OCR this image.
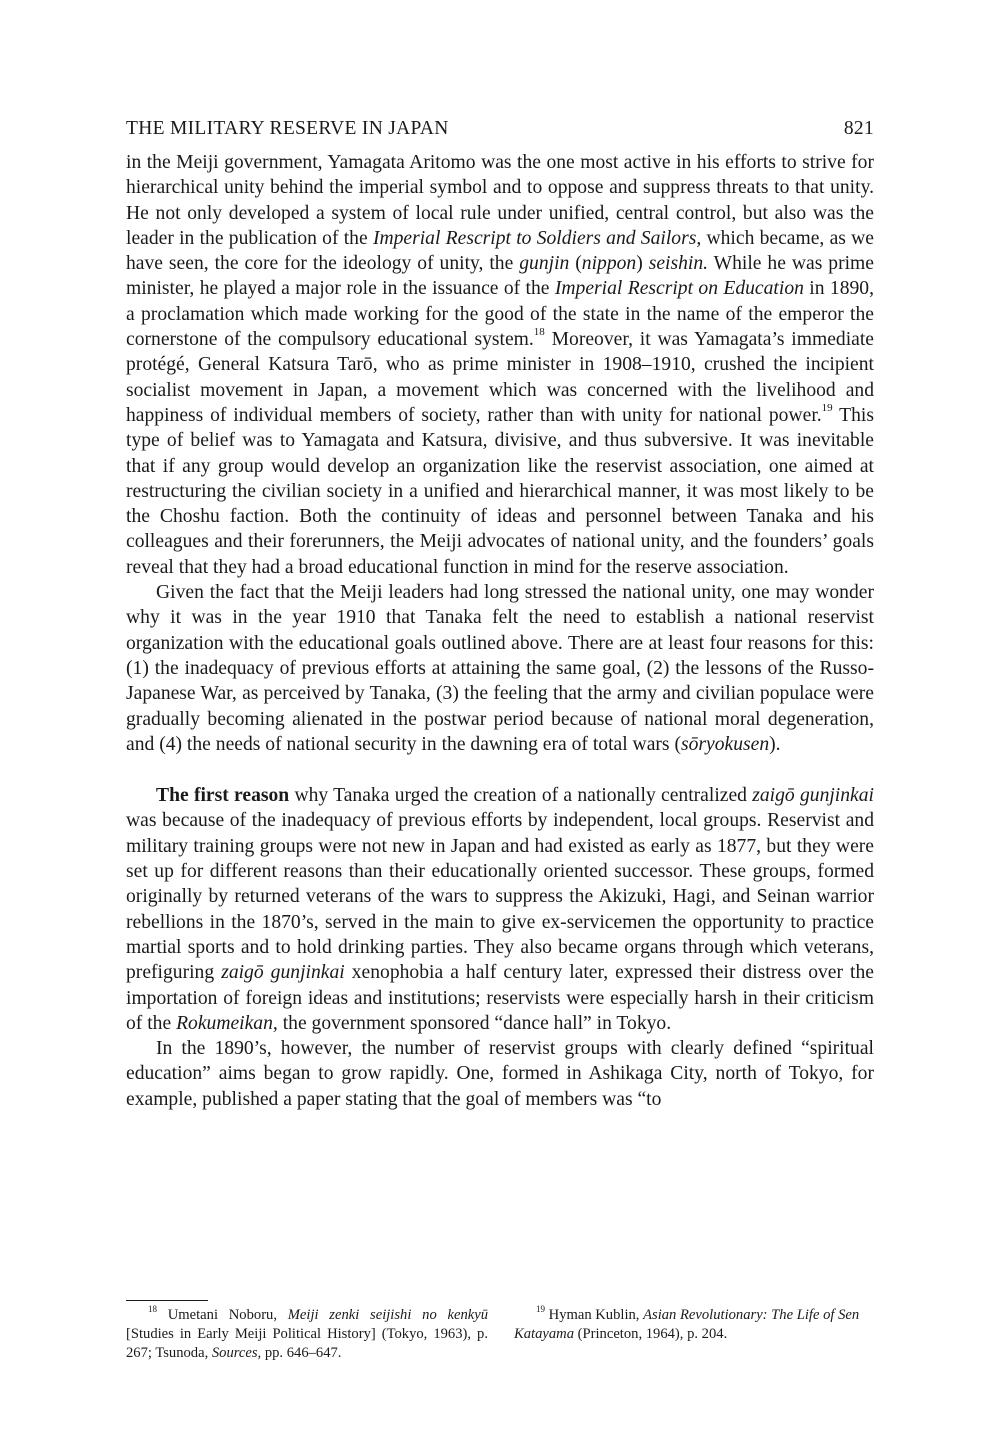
THE MILITARY RESERVE IN JAPAN	821

in the Meiji government, Yamagata Aritomo was the one most active in his efforts to strive for hierarchical unity behind the imperial symbol and to oppose and suppress threats to that unity. He not only developed a system of local rule under unified, central control, but also was the leader in the publication of the Imperial Rescript to Soldiers and Sailors, which became, as we have seen, the core for the ideology of unity, the gunjin (nippon) seishin. While he was prime minister, he played a major role in the issuance of the Imperial Rescript on Education in 1890, a proclamation which made working for the good of the state in the name of the emperor the cornerstone of the compulsory educational system.$^{18}$ Moreover, it was Yamagata’s immediate protégé, General Katsura Tarō, who as prime minister in 1908–1910, crushed the incipient socialist movement in Japan, a movement which was concerned with the livelihood and happiness of individual members of society, rather than with unity for national power.$^{19}$ This type of belief was to Yamagata and Katsura, divisive, and thus subversive. It was inevitable that if any group would develop an organization like the reservist association, one aimed at restructuring the civilian society in a unified and hierarchical manner, it was most likely to be the Choshu faction. Both the continuity of ideas and personnel between Tanaka and his colleagues and their forerunners, the Meiji advocates of national unity, and the founders’ goals reveal that they had a broad educational function in mind for the reserve association.

Given the fact that the Meiji leaders had long stressed the national unity, one may wonder why it was in the year 1910 that Tanaka felt the need to establish a national reservist organization with the educational goals outlined above. There are at least four reasons for this: (1) the inadequacy of previous efforts at attaining the same goal, (2) the lessons of the Russo-Japanese War, as perceived by Tanaka, (3) the feeling that the army and civilian populace were gradually becoming alienated in the postwar period because of national moral degeneration, and (4) the needs of national security in the dawning era of total wars (sōryokusen).

The first reason why Tanaka urged the creation of a nationally centralized zaigō gunjinkai was because of the inadequacy of previous efforts by independent, local groups. Reservist and military training groups were not new in Japan and had existed as early as 1877, but they were set up for different reasons than their educationally oriented successor. These groups, formed originally by returned veterans of the wars to suppress the Akizuki, Hagi, and Seinan warrior rebellions in the 1870’s, served in the main to give ex-servicemen the opportunity to practice martial sports and to hold drinking parties. They also became organs through which veterans, prefiguring zaigō gunjinkai xenophobia a half century later, expressed their distress over the importation of foreign ideas and institutions; reservists were especially harsh in their criticism of the Rokumeikan, the government sponsored “dance hall” in Tokyo.

In the 1890’s, however, the number of reservist groups with clearly defined “spiritual education” aims began to grow rapidly. One, formed in Ashikaga City, north of Tokyo, for example, published a paper stating that the goal of members was “to

$^{18}$ Umetani Noboru, Meiji zenki seijishi no kenkyū [Studies in Early Meiji Political History] (Tokyo, 1963), p. 267; Tsunoda, Sources, pp. 646–647.
$^{19}$ Hyman Kublin, Asian Revolutionary: The Life of Sen Katayama (Princeton, 1964), p. 204.
